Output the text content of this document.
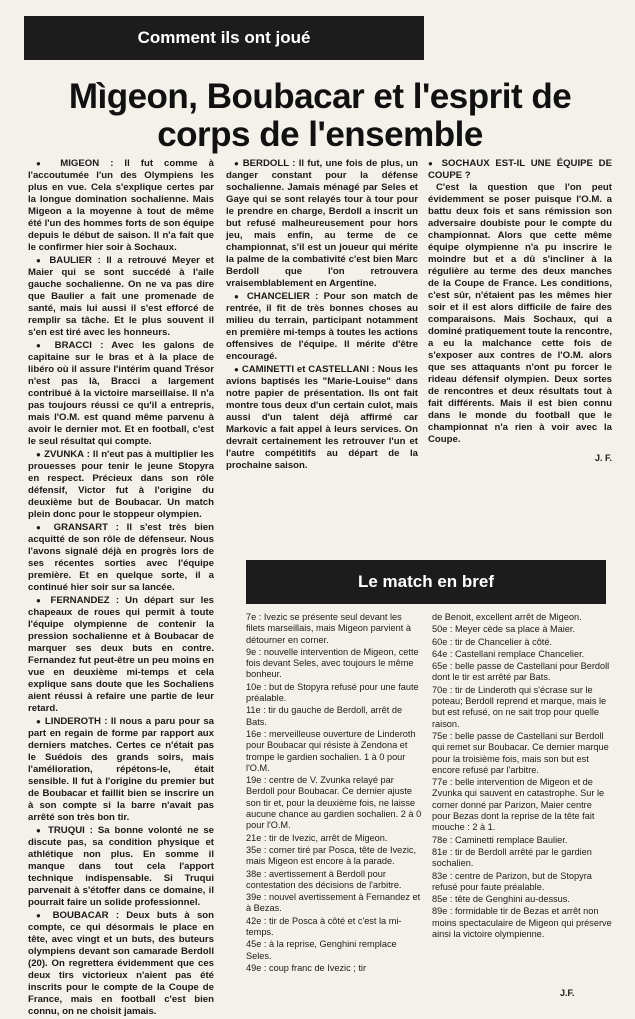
Comment ils ont joué
Mìgeon, Boubacar et l'esprit de corps de l'ensemble

● MIGEON : Il fut comme à l'accoutumée l'un des Olympiens les plus en vue. Cela s'explique certes par la longue domination sochalienne. Mais Migeon a la moyenne à tout de même été l'un des hommes forts de son équipe depuis le début de saison. Il n'a fait que le confirmer hier soir à Sochaux.

● BAULIER : Il a retrouvé Meyer et Maier qui se sont succédé à l'aile gauche sochalienne. On ne va pas dire que Baulier a fait une promenade de santé, mais lui aussi il s'est efforcé de remplir sa tâche. Et le plus souvent il s'en est tiré avec les honneurs.

● BRACCI : Avec les galons de capitaine sur le bras et à la place de libéro où il assure l'intérim quand Trésor n'est pas là, Bracci a largement contribué à la victoire marseillaise. Il n'a pas toujours réussi ce qu'il a entrepris, mais l'O.M. est quand même parvenu à avoir le dernier mot. Et en football, c'est le seul résultat qui compte.

● ZVUNKA : Il n'eut pas à multiplier les prouesses pour tenir le jeune Stopyra en respect. Précieux dans son rôle défensif, Victor fut à l'origine du deuxième but de Boubacar. Un match plein donc pour le stoppeur olympien.

● GRANSART : Il s'est très bien acquitté de son rôle de défenseur. Nous l'avons signalé déjà en progrès lors de ses récentes sorties avec l'équipe première. Et en quelque sorte, il a continué hier soir sur sa lancée.

● FERNANDEZ : Un départ sur les chapeaux de roues qui permit à toute l'équipe olympienne de contenir la pression sochalienne et à Boubacar de marquer ses deux buts en contre. Fernandez fut peut-être un peu moins en vue en deuxième mi-temps et cela explique sans doute que les Sochaliens aient réussi à refaire une partie de leur retard.

● LINDEROTH : Il nous a paru pour sa part en regain de forme par rapport aux derniers matches. Certes ce n'était pas le Suédois des grands soirs, mais l'amélioration, répétons-le, était sensible. Il fut à l'origine du premier but de Boubacar et faillit bien se inscrire un à son compte si la barre n'avait pas arrêté son très bon tir.

● TRUQUI : Sa bonne volonté ne se discute pas, sa condition physique et athlétique non plus. En somme il manque dans tout cela l'apport technique indispensable. Si Truqui parvenait à s'étoffer dans ce domaine, il pourrait faire un solide professionnel.

● BOUBACAR : Deux buts à son compte, ce qui désormais le place en tête, avec vingt et un buts, des buteurs olympiens devant son camarade Berdoll (20). On regrettera évidemment que ces deux tirs victorieux n'aient pas été inscrits pour le compte de la Coupe de France, mais en football c'est bien connu, on ne choisit jamais.

● BERDOLL : Il fut, une fois de plus, un danger constant pour la défense sochalienne. Jamais ménagé par Seles et Gaye qui se sont relayés tour à tour pour le prendre en charge, Berdoll a inscrit un but refusé malheureusement pour hors jeu, mais enfin, au terme de ce championnat, s'il est un joueur qui mérite la palme de la combativité c'est bien Marc Berdoll que l'on retrouvera vraisemblablement en Argentine.

● CHANCELIER : Pour son match de rentrée, il fit de très bonnes choses au milieu du terrain, participant notamment en première mi-temps à toutes les actions offensives de l'équipe. Il mérite d'être encouragé.

● CAMINETTI et CASTELLANI : Nous les avions baptisés les "Marie-Louise" dans notre papier de présentation. Ils ont fait montre tous deux d'un certain culot, mais aussi d'un talent déjà affirmé car Markovic a fait appel à leurs services. On devrait certainement les retrouver l'un et l'autre compétitifs au départ de la prochaine saison.

● SOCHAUX EST-IL UNE ÉQUIPE DE COUPE ?

C'est la question que l'on peut évidemment se poser puisque l'O.M. a battu deux fois et sans rémission son adversaire doubiste pour le compte du championnat. Alors que cette même équipe olympienne n'a pu inscrire le moindre but et a dû s'incliner à la régulière au terme des deux manches de la Coupe de France. Les conditions, c'est sûr, n'étaient pas les mêmes hier soir et il est alors difficile de faire des comparaisons. Mais Sochaux, qui a dominé pratiquement toute la rencontre, a eu la malchance cette fois de s'exposer aux contres de l'O.M. alors que ses attaquants n'ont pu forcer le rideau défensif olympien. Deux sortes de rencontres et deux résultats tout à fait différents. Mais il est bien connu dans le monde du football que le championnat n'a rien à voir avec la Coupe.

J. F.
Le match en bref

7e : Ivezic se présente seul devant les filets marseillais, mais Migeon parvient à détourner en corner.

9e : nouvelle intervention de Migeon, cette fois devant Seles, avec toujours le même bonheur.

10e : but de Stopyra refusé pour une faute préalable.

11e : tir du gauche de Berdoll, arrêt de Bats.

16e : merveilleuse ouverture de Linderoth pour Boubacar qui résiste à Zendona et trompe le gardien sochalien. 1 à 0 pour l'O.M.

19e : centre de V. Zvunka relayé par Berdoll pour Boubacar. Ce dernier ajuste son tir et, pour la deuxième fois, ne laisse aucune chance au gardien sochalien. 2 à 0 pour l'O.M.

21e : tir de Ivezic, arrêt de Migeon.

35e : corner tiré par Posca, tête de Ivezic, mais Migeon est encore à la parade.

38e : avertissement à Berdoll pour contestation des décisions de l'arbitre.

39e : nouvel avertissement à Fernandez et à Bezas.

42e : tir de Posca à côté et c'est la mi-temps.

45e : à la reprise, Genghini remplace Seles.

49e : coup franc de Ivezic ; tir

de Benoit, excellent arrêt de Migeon.

50e : Meyer cède sa place à Maier.

60e : tir de Chancelier à côté.

64e : Castellani remplace Chancelier.

65e : belle passe de Castellani pour Berdoll dont le tir est arrêté par Bats.

70e : tir de Linderoth qui s'écrase sur le poteau; Berdoll reprend et marque, mais le but est refusé, on ne sait trop pour quelle raison.

75e : belle passe de Castellani sur Berdoll qui remet sur Boubacar. Ce dernier marque pour la troisième fois, mais son but est encore refusé par l'arbitre.

77e : belle intervention de Migeon et de Zvunka qui sauvent en catastrophe. Sur le corner donné par Parizon, Maier centre pour Bezas dont la reprise de la tête fait mouche : 2 à 1.

78e : Caminetti remplace Baulier.

81e : tir de Berdoll arrêté par le gardien sochalien.

83e : centre de Parizon, but de Stopyra refusé pour faute préalable.

85e : tête de Genghini au-dessus.

89e : formidable tir de Bezas et arrêt non moins spectaculaire de Migeon qui préserve ainsi la victoire olympienne.

J.F.
